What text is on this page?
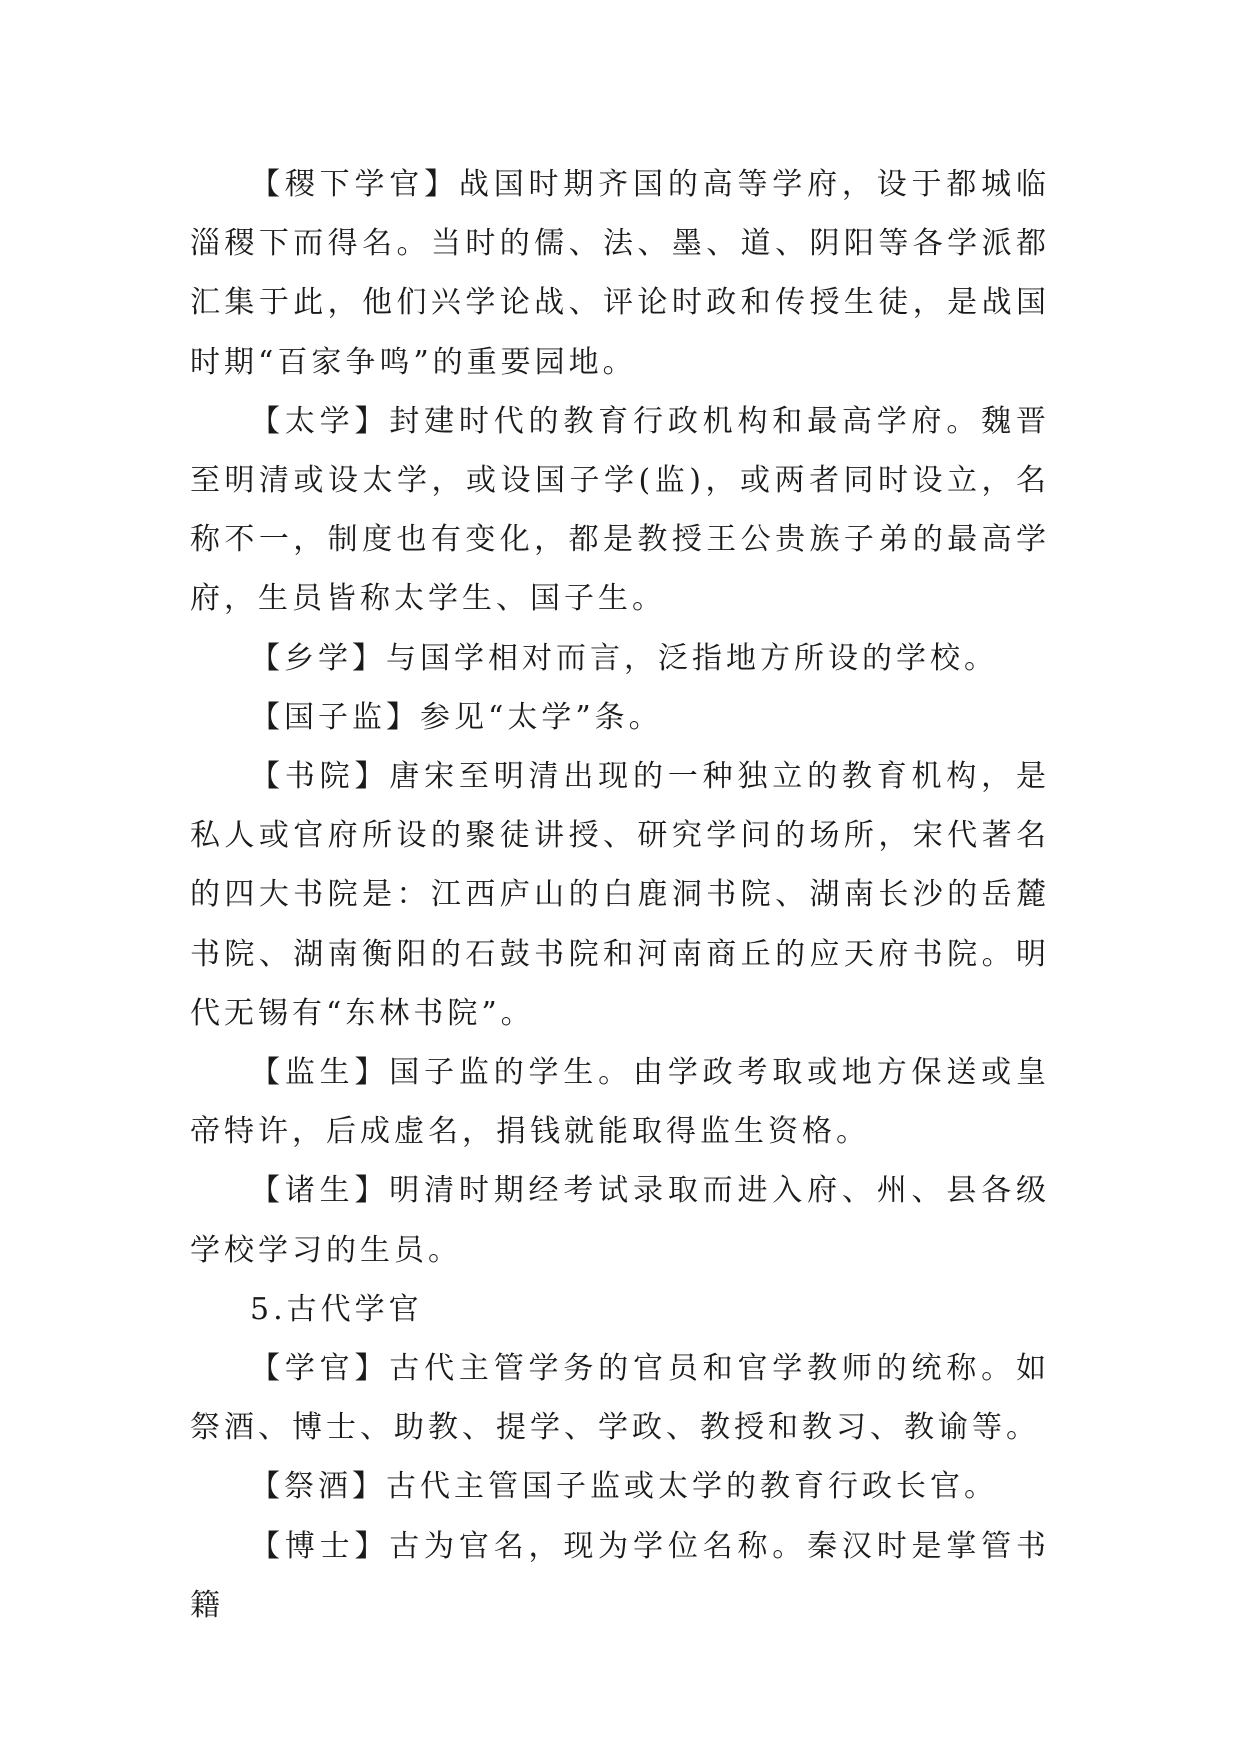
【稷下学官】战国时期齐国的高等学府，设于都城临淄稷下而得名。当时的儒、法、墨、道、阴阳等各学派都汇集于此，他们兴学论战、评论时政和传授生徒，是战国时期“百家争鸣”的重要园地。

【太学】封建时代的教育行政机构和最高学府。魏晋至明清或设太学，或设国子学(监)，或两者同时设立，名称不一，制度也有变化，都是教授王公贵族子弟的最高学府，生员皆称太学生、国子生。

【乡学】与国学相对而言，泛指地方所设的学校。

【国子监】参见“太学”条。

【书院】唐宋至明清出现的一种独立的教育机构，是私人或官府所设的聚徒讲授、研究学问的场所，宋代著名的四大书院是：江西庐山的白鹿洞书院、湖南长沙的岳麓书院、湖南衡阳的石鼓书院和河南商丘的应天府书院。明代无锡有“东林书院”。

【监生】国子监的学生。由学政考取或地方保送或皇帝特许，后成虚名，捐钱就能取得监生资格。

【诸生】明清时期经考试录取而进入府、州、县各级学校学习的生员。

5.古代学官

【学官】古代主管学务的官员和官学教师的统称。如祭酒、博士、助教、提学、学政、教授和教习、教谕等。

【祭酒】古代主管国子监或太学的教育行政长官。

【博士】古为官名，现为学位名称。秦汉时是掌管书籍
